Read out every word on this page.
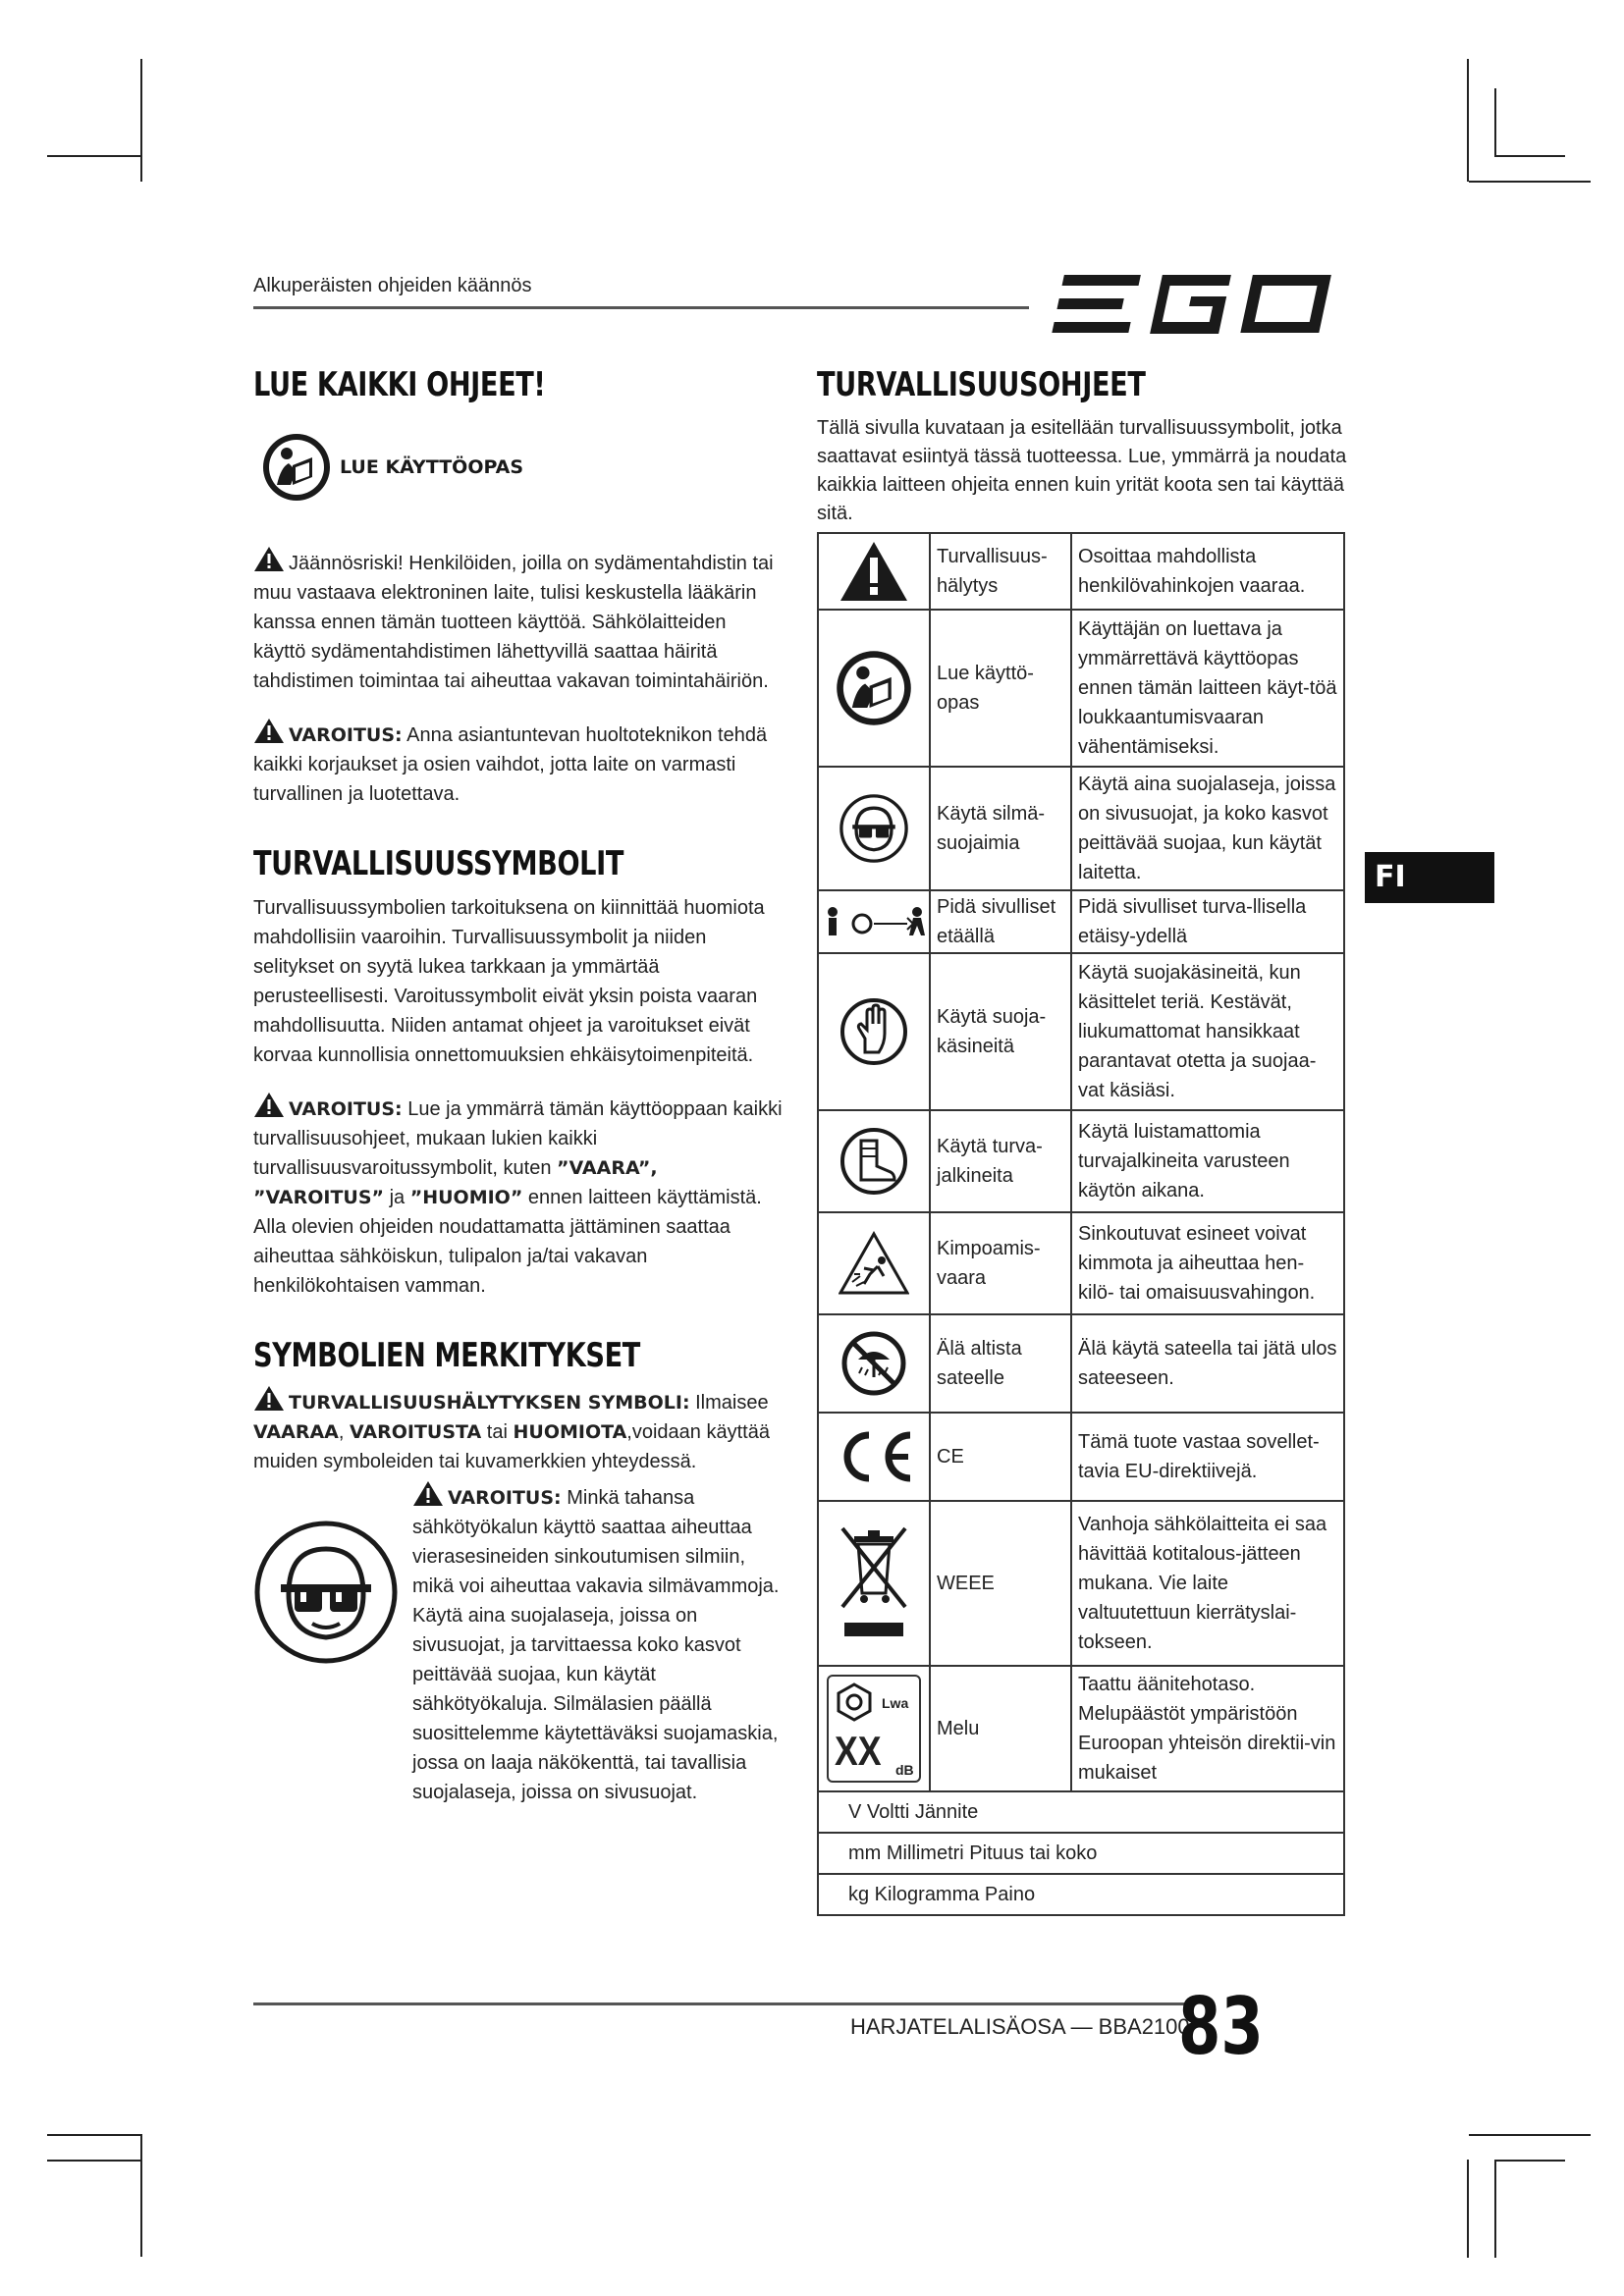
Alkuperäisten ohjeiden käännös
FI
LUE KAIKKI OHJEET!
LUE KÄYTTÖOPAS

Jäännösriski! Henkilöiden, joilla on sydämentahdistin tai muu vastaava elektroninen laite, tulisi keskustella lääkärin kanssa ennen tämän tuotteen käyttöä. Sähkölaitteiden käyttö sydämentahdistimen lähettyvillä saattaa häiritä tahdistimen toimintaa tai aiheuttaa vakavan toimintahäiriön.

VAROITUS: Anna asiantuntevan huoltoteknikon tehdä kaikki korjaukset ja osien vaihdot, jotta laite on varmasti turvallinen ja luotettava.

TURVALLISUUSSYMBOLIT

Turvallisuussymbolien tarkoituksena on kiinnittää huomiota mahdollisiin vaaroihin. Turvallisuussymbolit ja niiden selitykset on syytä lukea tarkkaan ja ymmärtää perusteellisesti. Varoitussymbolit eivät yksin poista vaaran mahdollisuutta. Niiden antamat ohjeet ja varoitukset eivät korvaa kunnollisia onnettomuuksien ehkäisytoimenpiteitä.

VAROITUS: Lue ja ymmärrä tämän käyttöoppaan kaikki turvallisuusohjeet, mukaan lukien kaikki turvallisuusvaroitussymbolit, kuten ”VAARA”, ”VAROITUS” ja ”HUOMIO” ennen laitteen käyttämistä. Alla olevien ohjeiden noudattamatta jättäminen saattaa aiheuttaa sähköiskun, tulipalon ja/tai vakavan henkilökohtaisen vamman.

SYMBOLIEN MERKITYKSET

TURVALLISUUSHÄLYTYKSEN SYMBOLI: Ilmaisee VAARAA, VAROITUSTA tai HUOMIOTA,voidaan käyttää muiden symboleiden tai kuvamerkkien yhteydessä.

VAROITUS: Minkä tahansa sähkötyökalun käyttö saattaa aiheuttaa vierasesineiden sinkoutumisen silmiin, mikä voi aiheuttaa vakavia silmävammoja. Käytä aina suojalaseja, joissa on sivusuojat, ja tarvittaessa koko kasvot peittävää suojaa, kun käytät sähkötyökaluja. Silmälasien päällä suosittelemme käytettäväksi suojamaskia, jossa on laaja näkökenttä, tai tavallisia suojalaseja, joissa on sivusuojat.

TURVALLISUUSOHJEET

Tällä sivulla kuvataan ja esitellään turvallisuussymbolit, jotka saattavat esiintyä tässä tuotteessa. Lue, ymmärrä ja noudata kaikkia laitteen ohjeita ennen kuin yrität koota sen tai käyttää sitä.

	Turvallisuus-hälytys	Osoittaa mahdollista henkilövahinkojen vaaraa.

	Lue käyttö-opas	Käyttäjän on luettava ja ymmärrettävä käyttöopas ennen tämän laitteen käyt-töä loukkaantumisvaaran vähentämiseksi.

	Käytä silmä-suojaimia	Käytä aina suojalaseja, joissa on sivusuojat, ja koko kasvot peittävää suojaa, kun käytät laitetta.

	Pidä sivulliset etäällä	Pidä sivulliset turva-llisella etäisy-ydellä

	Käytä suoja-käsineitä	Käytä suojakäsineitä, kun käsittelet teriä. Kestävät, liukumattomat hansikkaat parantavat otetta ja suojaa-vat käsiäsi.

	Käytä turva-jalkineita	Käytä luistamattomia turvajalkineita varusteen käytön aikana.

	Kimpoamis-vaara	Sinkoutuvat esineet voivat kimmota ja aiheuttaa hen-kilö- tai omaisuusvahingon.

	Älä altista sateelle	Älä käytä sateella tai jätä ulos sateeseen.

	CE	Tämä tuote vastaa sovellet-tavia EU-direktiivejä.

	WEEE	Vanhoja sähkölaitteita ei saa hävittää kotitalous-jätteen mukana. Vie laite valtuutettuun kierrätyslai-tokseen.

Lwa
XX dB	Melu	Taattu äänitehotaso. Melupäästöt ympäristöön Euroopan yhteisön direktii-vin mukaiset
V Voltti Jännite		
mm Millimetri Pituus tai koko		
kg Kilogramma Paino		
HARJATELALISÄOSA — BBA2100
83
